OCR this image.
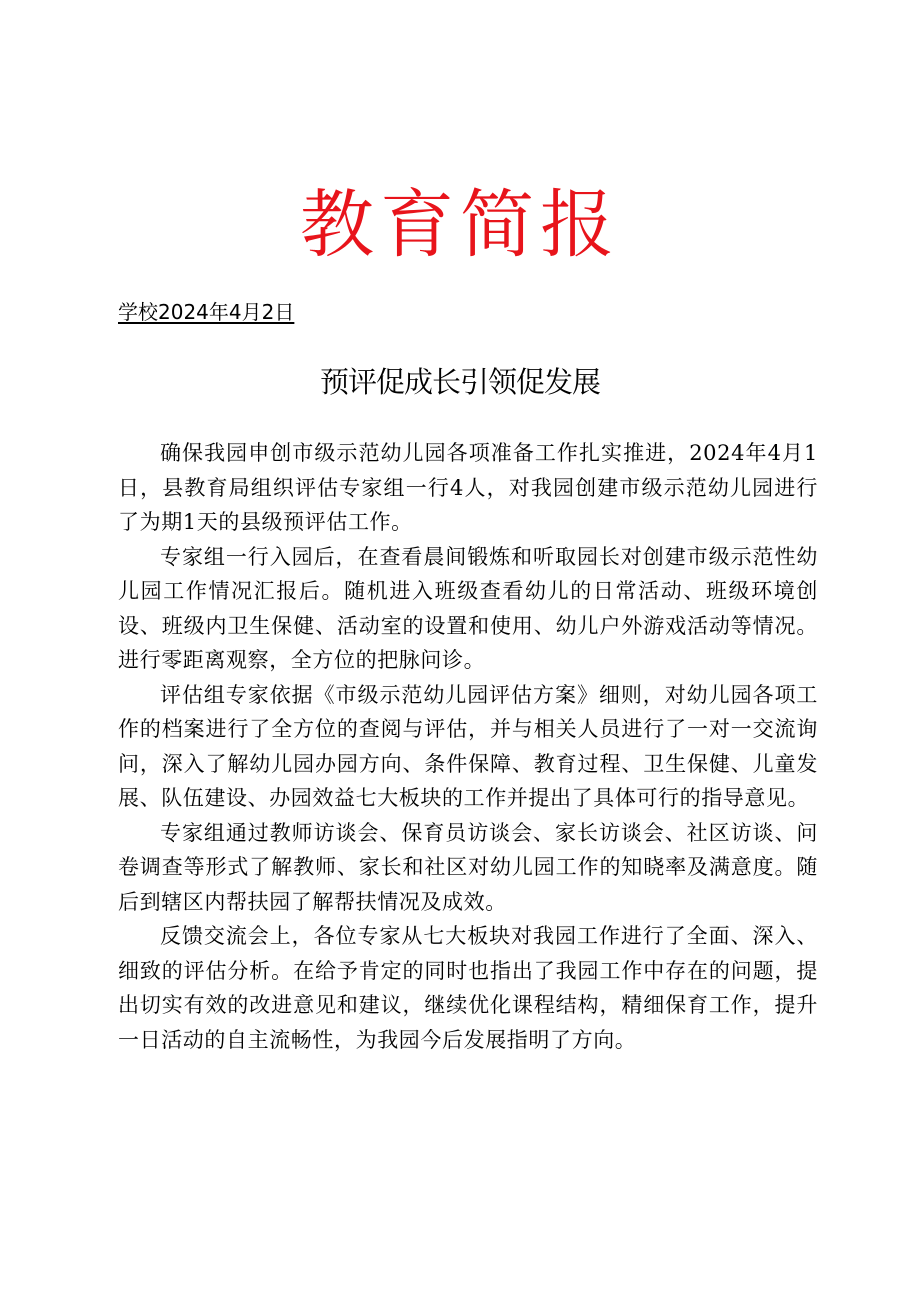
教育简报
学校2024年4月2日
预评促成长引领促发展

确保我园申创市级示范幼儿园各项准备工作扎实推进，2024年4月1日，县教育局组织评估专家组一行4人，对我园创建市级示范幼儿园进行了为期1天的县级预评估工作。

专家组一行入园后，在查看晨间锻炼和听取园长对创建市级示范性幼儿园工作情况汇报后。随机进入班级查看幼儿的日常活动、班级环境创设、班级内卫生保健、活动室的设置和使用、幼儿户外游戏活动等情况。进行零距离观察，全方位的把脉问诊。

评估组专家依据《市级示范幼儿园评估方案》细则，对幼儿园各项工作的档案进行了全方位的查阅与评估，并与相关人员进行了一对一交流询问，深入了解幼儿园办园方向、条件保障、教育过程、卫生保健、儿童发展、队伍建设、办园效益七大板块的工作并提出了具体可行的指导意见。

专家组通过教师访谈会、保育员访谈会、家长访谈会、社区访谈、问卷调查等形式了解教师、家长和社区对幼儿园工作的知晓率及满意度。随后到辖区内帮扶园了解帮扶情况及成效。

反馈交流会上，各位专家从七大板块对我园工作进行了全面、深入、细致的评估分析。在给予肯定的同时也指出了我园工作中存在的问题，提出切实有效的改进意见和建议，继续优化课程结构，精细保育工作，提升一日活动的自主流畅性，为我园今后发展指明了方向。
